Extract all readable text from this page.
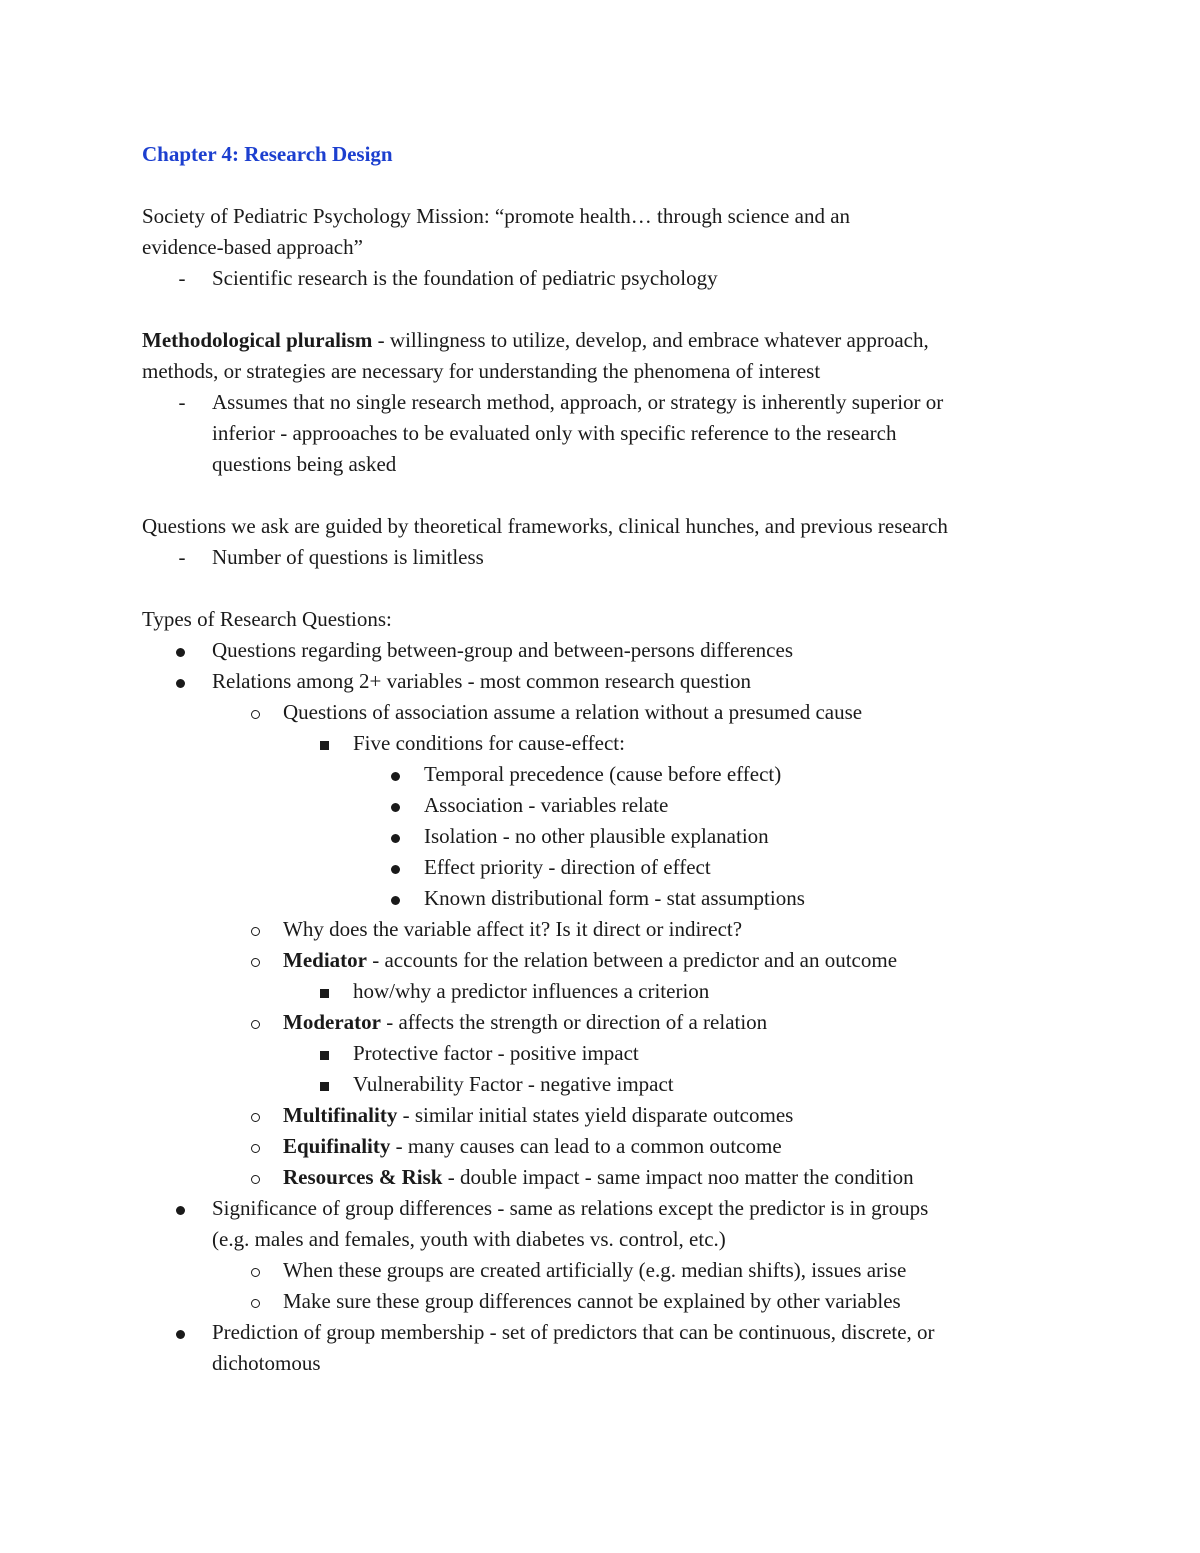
Chapter 4: Research Design

Society of Pediatric Psychology Mission: “promote health… through science and an

evidence-based approach”

-	Scientific research is the foundation of pediatric psychology

Methodological pluralism - willingness to utilize, develop, and embrace whatever approach,

methods, or strategies are necessary for understanding the phenomena of interest

-	Assumes that no single research method, approach, or strategy is inherently superior or
inferior - approoaches to be evaluated only with specific reference to the research
questions being asked

Questions we ask are guided by theoretical frameworks, clinical hunches, and previous research

-	Number of questions is limitless

Types of Research Questions:

Questions regarding between-group and between-persons differences
Relations among 2+ variables - most common research question
Questions of association assume a relation without a presumed cause
Five conditions for cause-effect:
Temporal precedence (cause before effect)
Association - variables relate
Isolation - no other plausible explanation
Effect priority - direction of effect
Known distributional form - stat assumptions
Why does the variable affect it? Is it direct or indirect?
Mediator - accounts for the relation between a predictor and an outcome
how/why a predictor influences a criterion
Moderator - affects the strength or direction of a relation
Protective factor - positive impact
Vulnerability Factor - negative impact
Multifinality - similar initial states yield disparate outcomes
Equifinality - many causes can lead to a common outcome
Resources & Risk - double impact - same impact noo matter the condition
Significance of group differences - same as relations except the predictor is in groups
(e.g. males and females, youth with diabetes vs. control, etc.)
When these groups are created artificially (e.g. median shifts), issues arise
Make sure these group differences cannot be explained by other variables
Prediction of group membership - set of predictors that can be continuous, discrete, or
dichotomous
